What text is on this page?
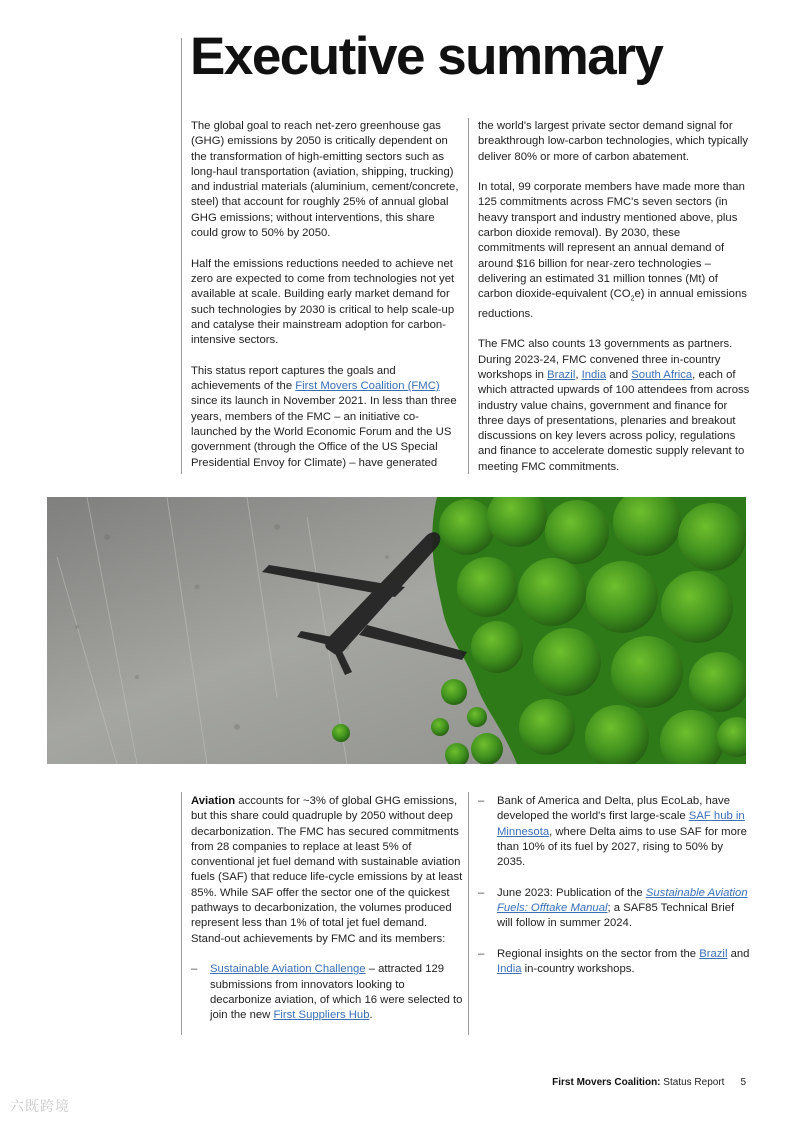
Executive summary

The global goal to reach net-zero greenhouse gas (GHG) emissions by 2050 is critically dependent on the transformation of high-emitting sectors such as long-haul transportation (aviation, shipping, trucking) and industrial materials (aluminium, cement/concrete, steel) that account for roughly 25% of annual global GHG emissions; without interventions, this share could grow to 50% by 2050.

Half the emissions reductions needed to achieve net zero are expected to come from technologies not yet available at scale. Building early market demand for such technologies by 2030 is critical to help scale-up and catalyse their mainstream adoption for carbon-intensive sectors.

This status report captures the goals and achievements of the First Movers Coalition (FMC) since its launch in November 2021. In less than three years, members of the FMC – an initiative co-launched by the World Economic Forum and the US government (through the Office of the US Special Presidential Envoy for Climate) – have generated

the world's largest private sector demand signal for breakthrough low-carbon technologies, which typically deliver 80% or more of carbon abatement.

In total, 99 corporate members have made more than 125 commitments across FMC's seven sectors (in heavy transport and industry mentioned above, plus carbon dioxide removal). By 2030, these commitments will represent an annual demand of around $16 billion for near-zero technologies – delivering an estimated 31 million tonnes (Mt) of carbon dioxide-equivalent $(CO_2e)$ in annual emissions reductions.

The FMC also counts 13 governments as partners. During 2023-24, FMC convened three in-country workshops in Brazil, India and South Africa, each of which attracted upwards of 100 attendees from across industry value chains, government and finance for three days of presentations, plenaries and breakout discussions on key levers across policy, regulations and finance to accelerate domestic supply relevant to meeting FMC commitments.

Aviation accounts for ~3% of global GHG emissions, but this share could quadruple by 2050 without deep decarbonization. The FMC has secured commitments from 28 companies to replace at least 5% of conventional jet fuel demand with sustainable aviation fuels (SAF) that reduce life-cycle emissions by at least 85%. While SAF offer the sector one of the quickest pathways to decarbonization, the volumes produced represent less than 1% of total jet fuel demand. Stand-out achievements by FMC and its members:

– Sustainable Aviation Challenge – attracted 129 submissions from innovators looking to decarbonize aviation, of which 16 were selected to join the new First Suppliers Hub.
– Bank of America and Delta, plus EcoLab, have developed the world's first large-scale SAF hub in Minnesota, where Delta aims to use SAF for more than 10% of its fuel by 2027, rising to 50% by 2035.
– June 2023: Publication of the Sustainable Aviation Fuels: Offtake Manual; a SAF85 Technical Brief will follow in summer 2024.
– Regional insights on the sector from the Brazil and India in-country workshops.
First Movers Coalition: Status Report 5
六既跨境
